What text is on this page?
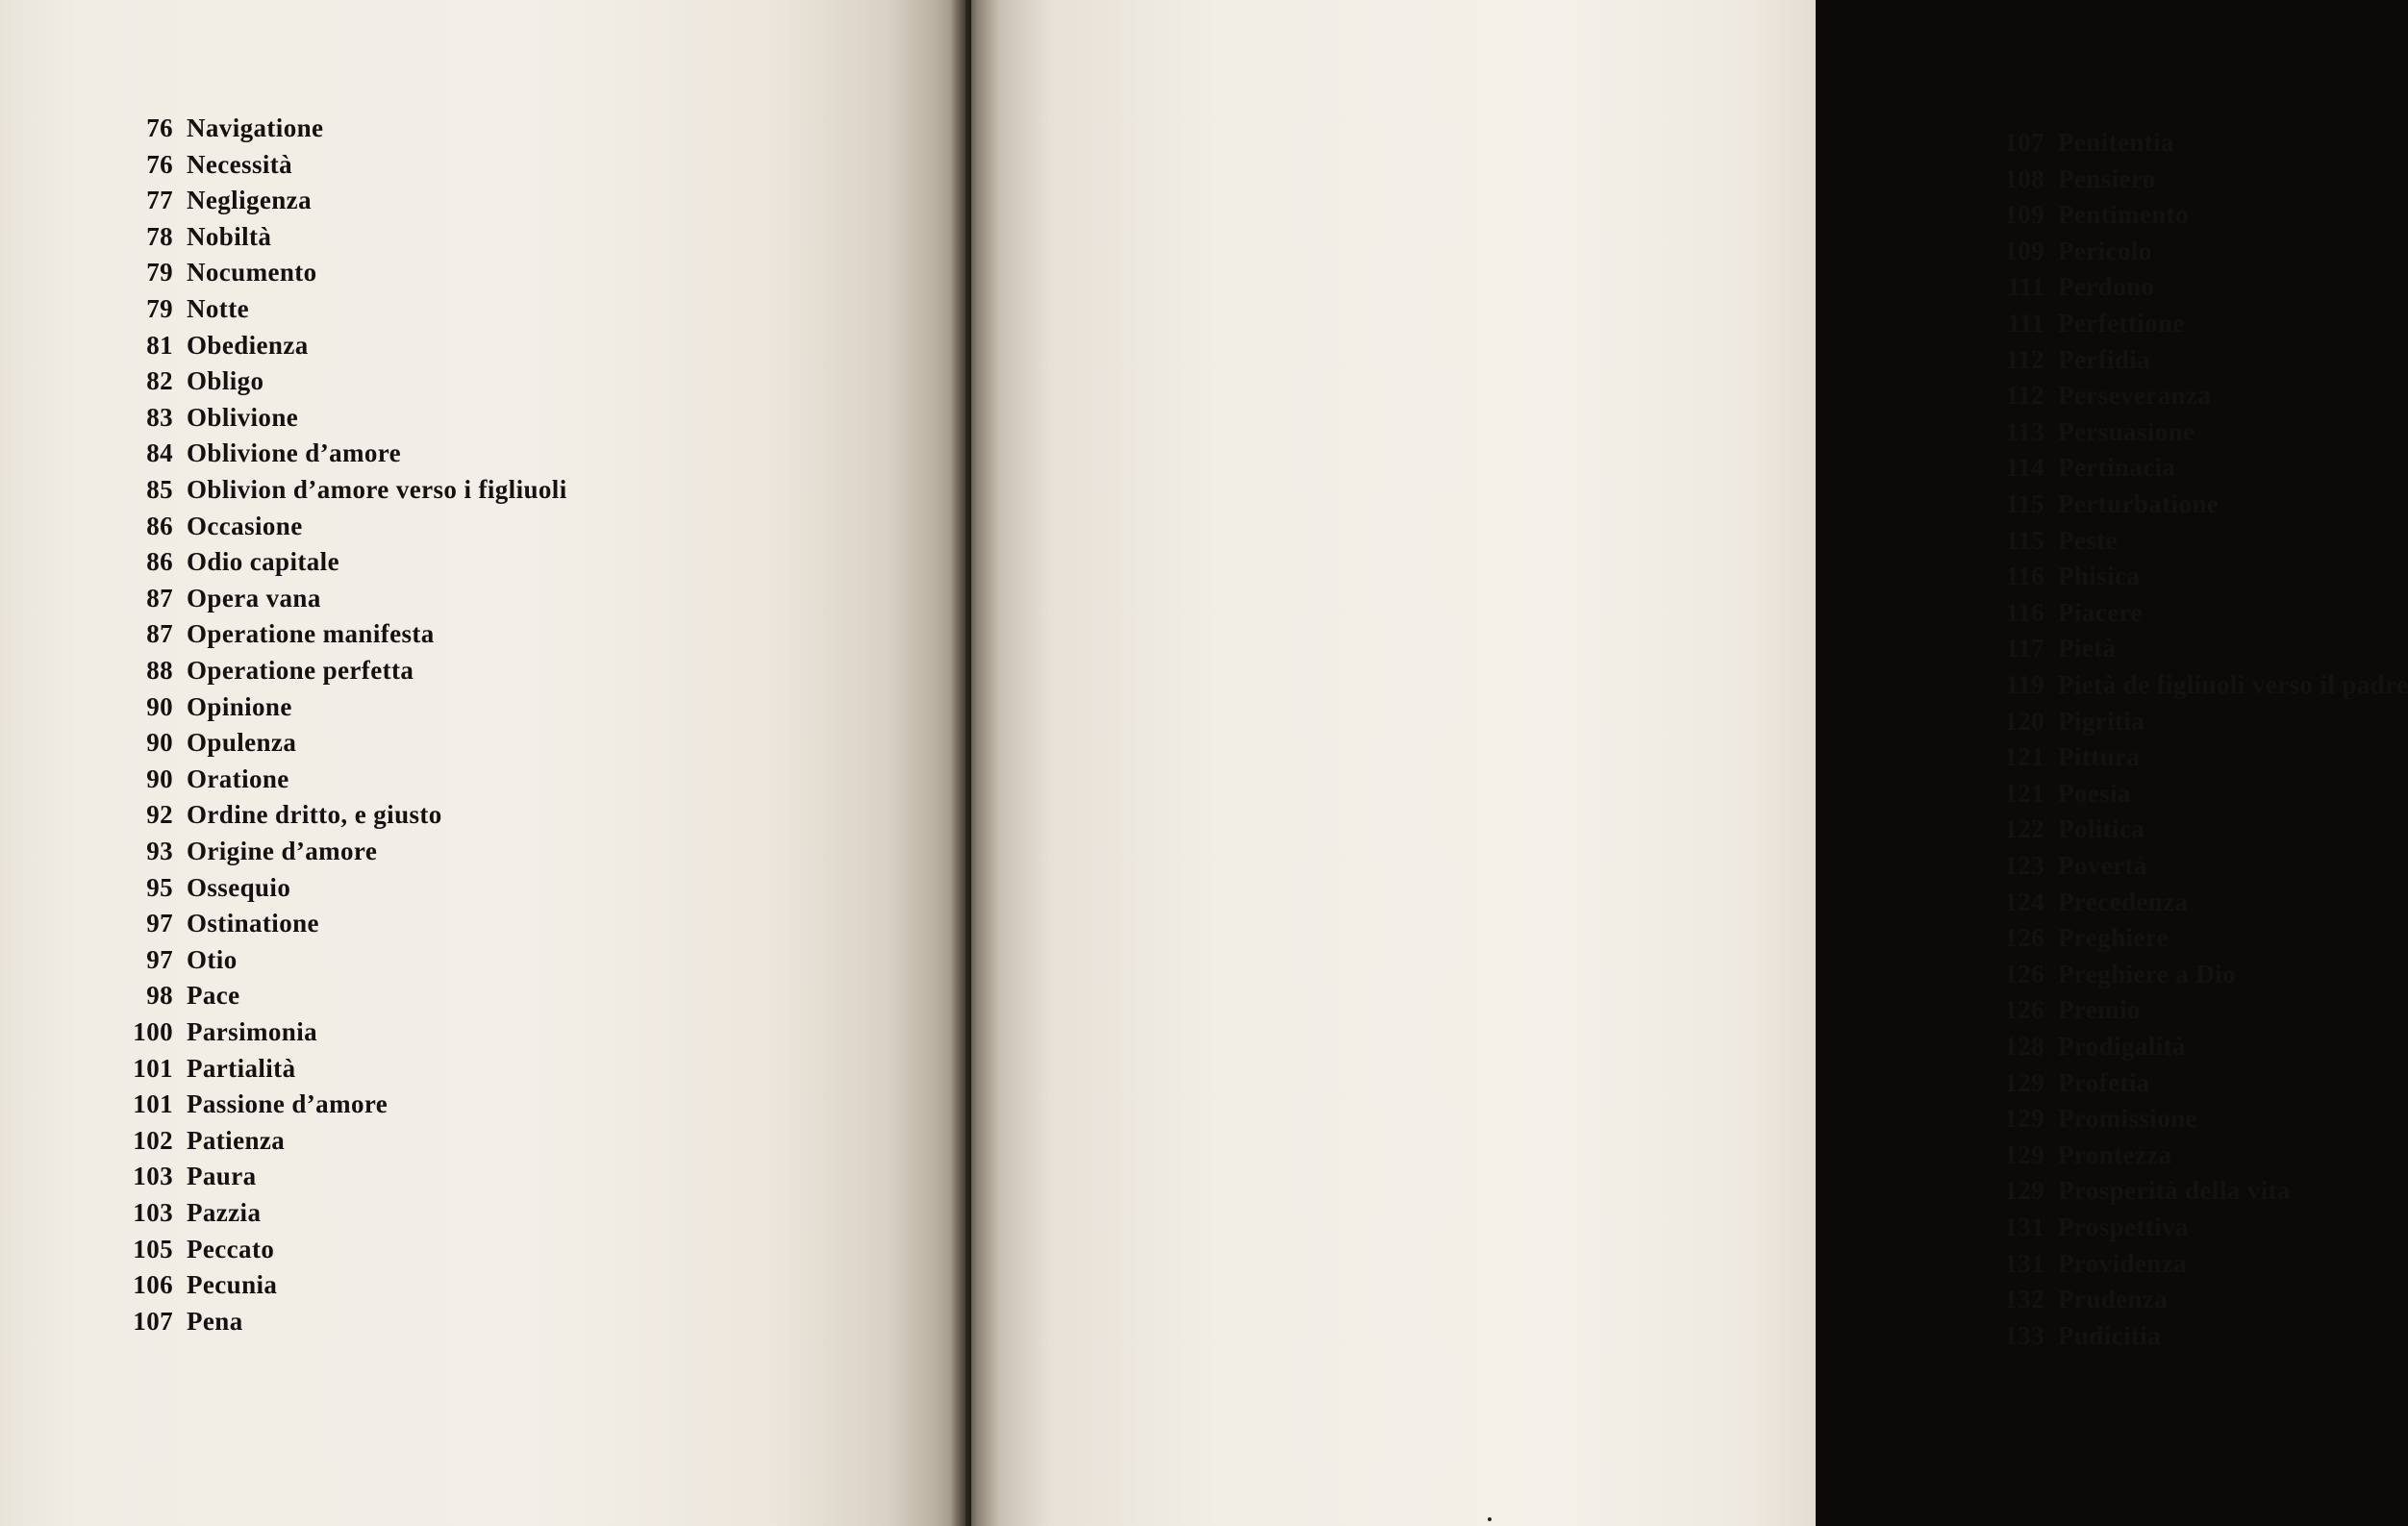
76 Navigatione
76 Necessità
77 Negligenza
78 Nobiltà
79 Nocumento
79 Notte
81 Obedienza
82 Obligo
83 Oblivione
84 Oblivione d’amore
85 Oblivion d’amore verso i figliuoli
86 Occasione
86 Odio capitale
87 Opera vana
87 Operatione manifesta
88 Operatione perfetta
90 Opinione
90 Opulenza
90 Oratione
92 Ordine dritto, e giusto
93 Origine d’amore
95 Ossequio
97 Ostinatione
97 Otio
98 Pace
100 Parsimonia
101 Partialità
101 Passione d’amore
102 Patienza
103 Paura
103 Pazzia
105 Peccato
106 Pecunia
107 Pena
107 Penitentia
108 Pensiero
109 Pentimento
109 Pericolo
111 Perdono
111 Perfettione
112 Perfidia
112 Perseveranza
113 Persuasione
114 Pertinacia
115 Perturbatione
115 Peste
116 Phisica
116 Piacere
117 Pietà
119 Pietà de figliuoli verso il padre
120 Pigritia
121 Pittura
121 Poesia
122 Politica
123 Povertà
124 Precedenza
126 Preghiere
126 Preghiere a Dio
126 Premio
128 Prodigalità
129 Profetia
129 Promissione
129 Prontezza
129 Prosperità della vita
131 Prospettiva
131 Providenza
132 Prudenza
133 Pudicitia
